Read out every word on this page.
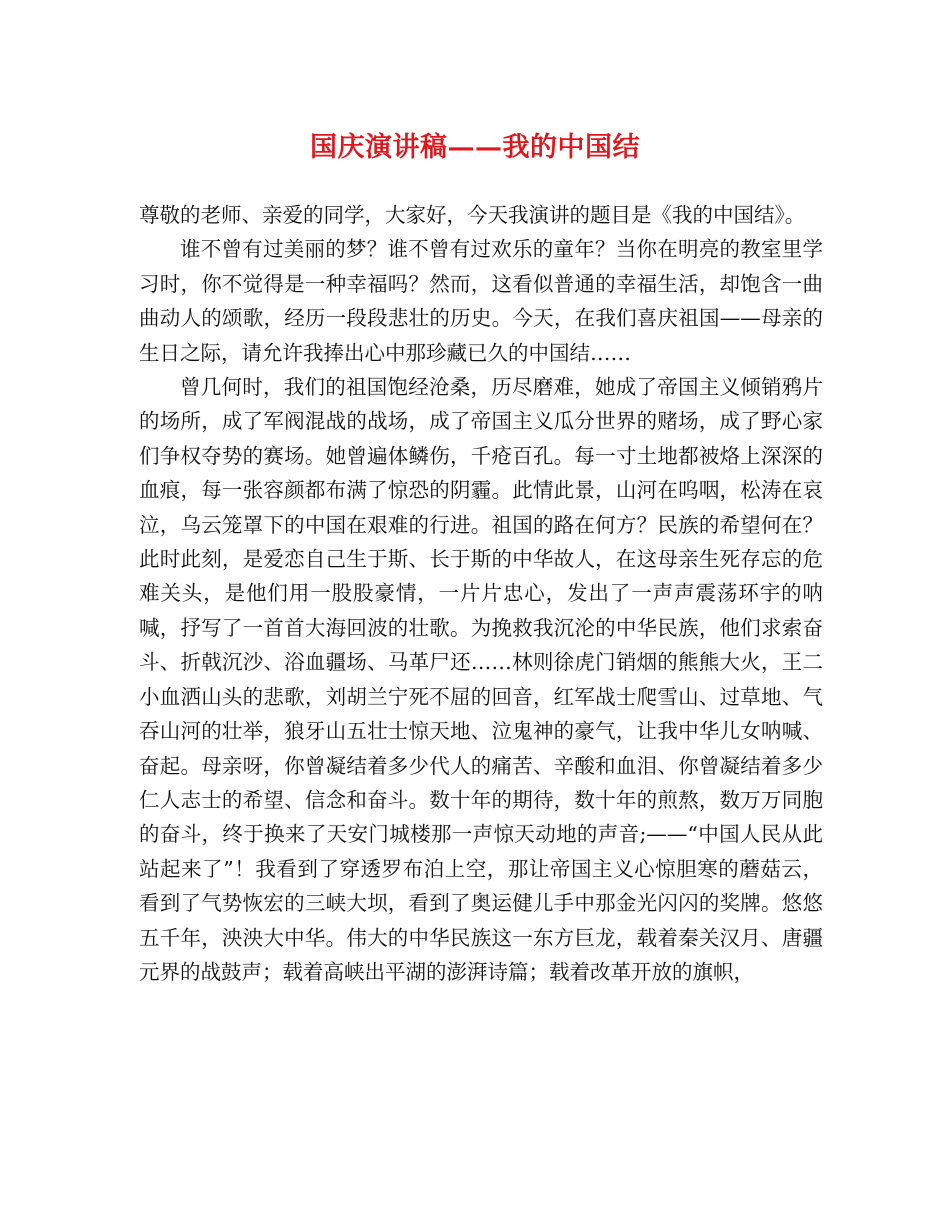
国庆演讲稿——我的中国结

尊敬的老师、亲爱的同学，大家好，今天我演讲的题目是《我的中国结》。

谁不曾有过美丽的梦？谁不曾有过欢乐的童年？当你在明亮的教室里学习时，你不觉得是一种幸福吗？然而，这看似普通的幸福生活，却饱含一曲曲动人的颂歌，经历一段段悲壮的历史。今天，在我们喜庆祖国——母亲的生日之际，请允许我捧出心中那珍藏已久的中国结……

曾几何时，我们的祖国饱经沧桑，历尽磨难，她成了帝国主义倾销鸦片的场所，成了军阀混战的战场，成了帝国主义瓜分世界的赌场，成了野心家们争权夺势的赛场。她曾遍体鳞伤，千疮百孔。每一寸土地都被烙上深深的血痕，每一张容颜都布满了惊恐的阴霾。此情此景，山河在呜咽，松涛在哀泣，乌云笼罩下的中国在艰难的行进。祖国的路在何方？民族的希望何在？此时此刻，是爱恋自己生于斯、长于斯的中华故人，在这母亲生死存忘的危难关头，是他们用一股股豪情，一片片忠心，发出了一声声震荡环宇的呐喊，抒写了一首首大海回波的壮歌。为挽救我沉沦的中华民族，他们求索奋斗、折戟沉沙、浴血疆场、马革尸还……林则徐虎门销烟的熊熊大火，王二小血洒山头的悲歌，刘胡兰宁死不屈的回音，红军战士爬雪山、过草地、气吞山河的壮举，狼牙山五壮士惊天地、泣鬼神的豪气，让我中华儿女呐喊、奋起。母亲呀，你曾凝结着多少代人的痛苦、辛酸和血泪、你曾凝结着多少仁人志士的希望、信念和奋斗。数十年的期待，数十年的煎熬，数万万同胞的奋斗，终于换来了天安门城楼那一声惊天动地的声音;——“中国人民从此站起来了”！我看到了穿透罗布泊上空，那让帝国主义心惊胆寒的蘑菇云，看到了气势恢宏的三峡大坝，看到了奥运健儿手中那金光闪闪的奖牌。悠悠五千年，泱泱大中华。伟大的中华民族这一东方巨龙，载着秦关汉月、唐疆元界的战鼓声；载着高峡出平湖的澎湃诗篇；载着改革开放的旗帜，
